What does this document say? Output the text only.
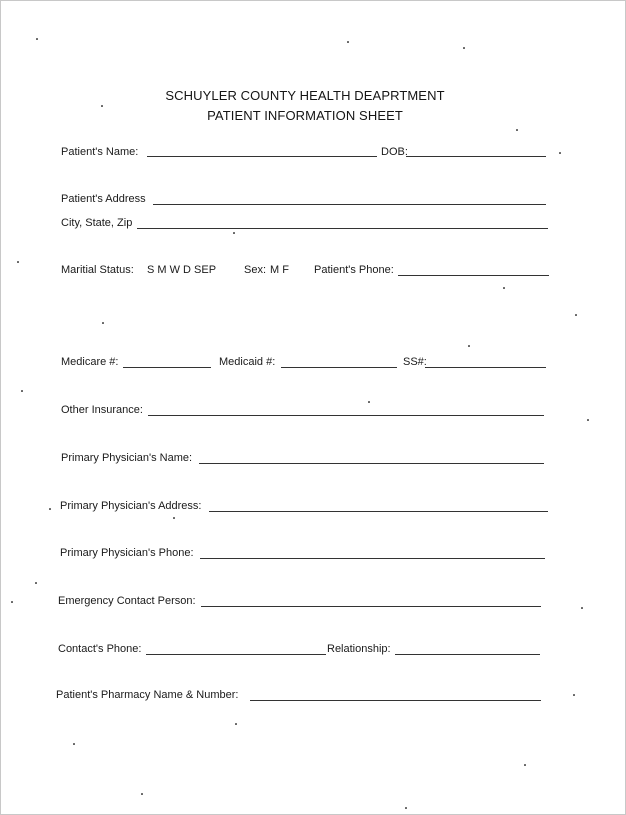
SCHUYLER COUNTY HEALTH DEAPRTMENT
PATIENT INFORMATION SHEET
Patient's Name:	DOB:
Patient's Address
City, State, Zip
Maritial Status: S M W D SEP	Sex: M F Patient's Phone:
Medicare #:	Medicaid #:	SS#:
Other Insurance:
Primary Physician's Name:
Primary Physician's Address:
Primary Physician's Phone:
Emergency Contact Person:
Contact's Phone:	Relationship:
Patient's Pharmacy Name & Number:
